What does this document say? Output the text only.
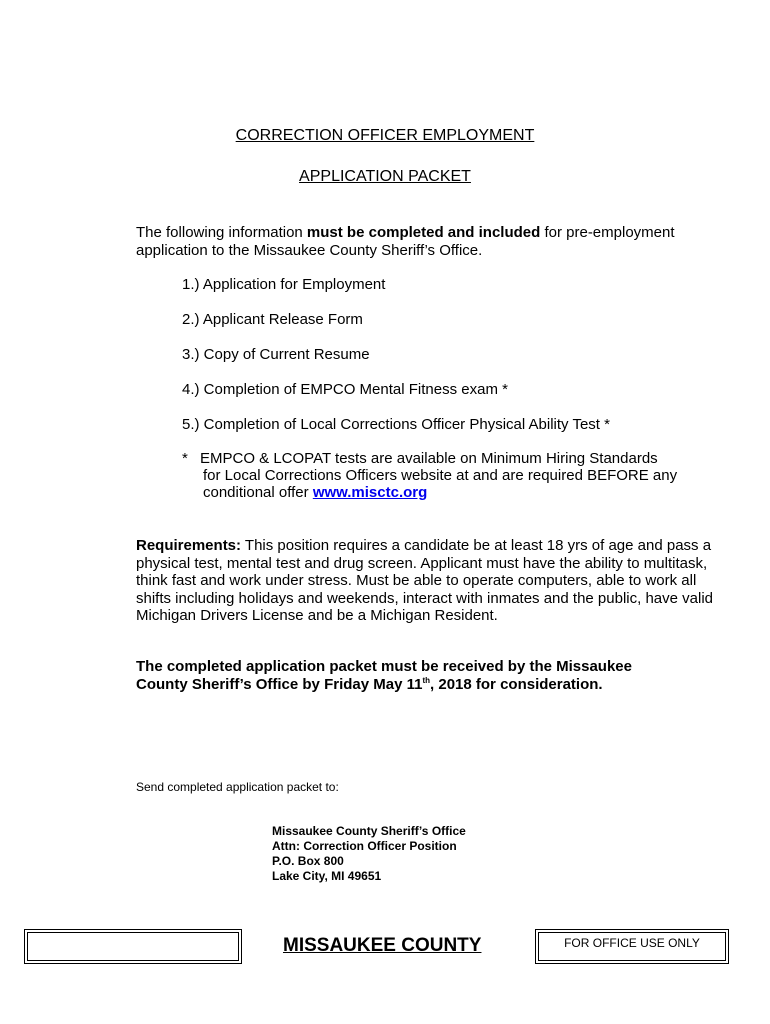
CORRECTION OFFICER EMPLOYMENT
APPLICATION PACKET
The following information must be completed and included for pre-employment application to the Missaukee County Sheriff’s Office.
1.) Application for Employment
2.) Applicant Release Form
3.) Copy of Current Resume
4.) Completion of EMPCO Mental Fitness exam *
5.) Completion of Local Corrections Officer Physical Ability Test *
* EMPCO & LCOPAT tests are available on Minimum Hiring Standards
for Local Corrections Officers website at and are required BEFORE any
conditional offer www.misctc.org
Requirements: This position requires a candidate be at least 18 yrs of age and pass a physical test, mental test and drug screen. Applicant must have the ability to multitask, think fast and work under stress. Must be able to operate computers, able to work all shifts including holidays and weekends, interact with inmates and the public, have valid Michigan Drivers License and be a Michigan Resident.
The completed application packet must be received by the Missaukee
County Sheriff’s Office by Friday May 11th, 2018 for consideration.
Send completed application packet to:
Missaukee County Sheriff’s Office
Attn: Correction Officer Position
P.O. Box 800
Lake City, MI 49651
MISSAUKEE COUNTY	FOR OFFICE USE ONLY
